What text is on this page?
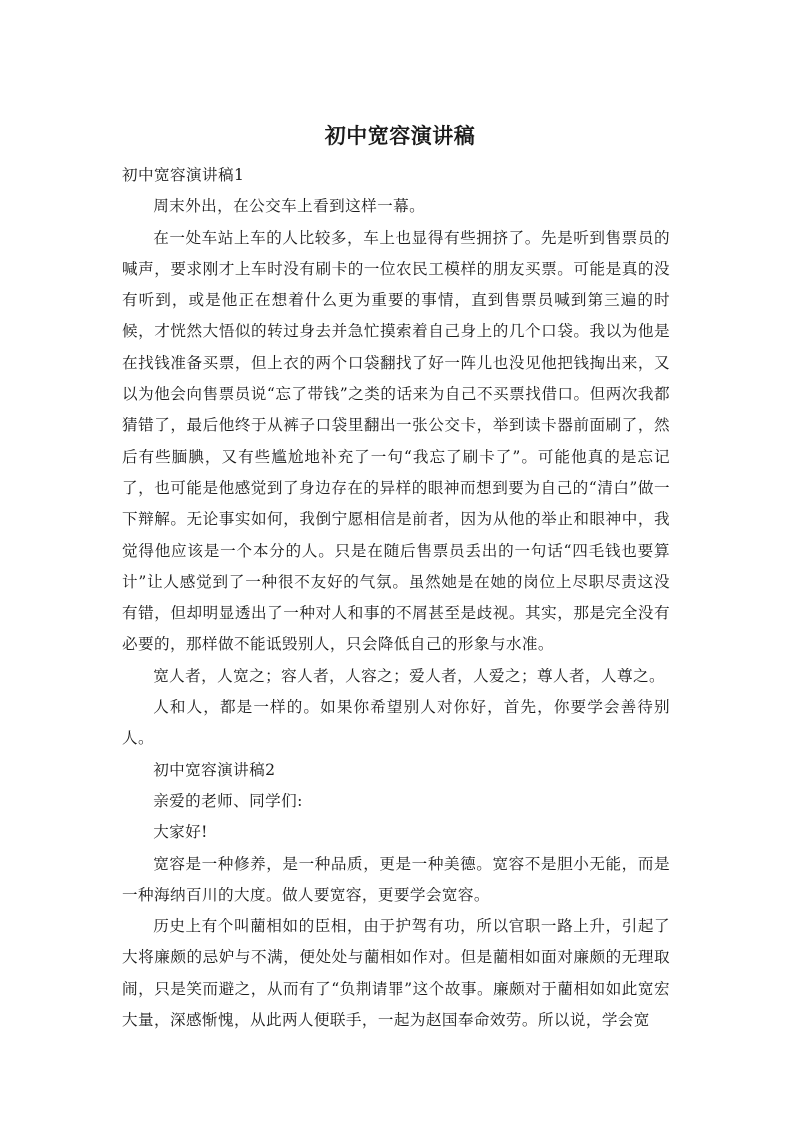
初中宽容演讲稿

初中宽容演讲稿1

周末外出，在公交车上看到这样一幕。

在一处车站上车的人比较多，车上也显得有些拥挤了。先是听到售票员的喊声，要求刚才上车时没有刷卡的一位农民工模样的朋友买票。可能是真的没有听到，或是他正在想着什么更为重要的事情，直到售票员喊到第三遍的时候，才恍然大悟似的转过身去并急忙摸索着自己身上的几个口袋。我以为他是在找钱准备买票，但上衣的两个口袋翻找了好一阵儿也没见他把钱掏出来，又以为他会向售票员说“忘了带钱”之类的话来为自己不买票找借口。但两次我都猜错了，最后他终于从裤子口袋里翻出一张公交卡，举到读卡器前面刷了，然后有些腼腆，又有些尴尬地补充了一句“我忘了刷卡了”。可能他真的是忘记了，也可能是他感觉到了身边存在的异样的眼神而想到要为自己的“清白”做一下辩解。无论事实如何，我倒宁愿相信是前者，因为从他的举止和眼神中，我觉得他应该是一个本分的人。只是在随后售票员丢出的一句话“四毛钱也要算计”让人感觉到了一种很不友好的气氛。虽然她是在她的岗位上尽职尽责这没有错，但却明显透出了一种对人和事的不屑甚至是歧视。其实，那是完全没有必要的，那样做不能诋毁别人，只会降低自己的形象与水准。

宽人者，人宽之；容人者，人容之；爱人者，人爱之；尊人者，人尊之。

人和人，都是一样的。如果你希望别人对你好，首先，你要学会善待别人。

初中宽容演讲稿2

亲爱的老师、同学们:

大家好!

宽容是一种修养，是一种品质，更是一种美德。宽容不是胆小无能，而是一种海纳百川的大度。做人要宽容，更要学会宽容。

历史上有个叫藺相如的臣相，由于护驾有功，所以官职一路上升，引起了大将廉颇的忌妒与不满，便处处与藺相如作对。但是藺相如面对廉颇的无理取闹，只是笑而避之，从而有了“负荆请罪”这个故事。廉颇对于藺相如如此宽宏大量，深感惭愧，从此两人便联手，一起为赵国奉命效劳。所以说，学会宽
